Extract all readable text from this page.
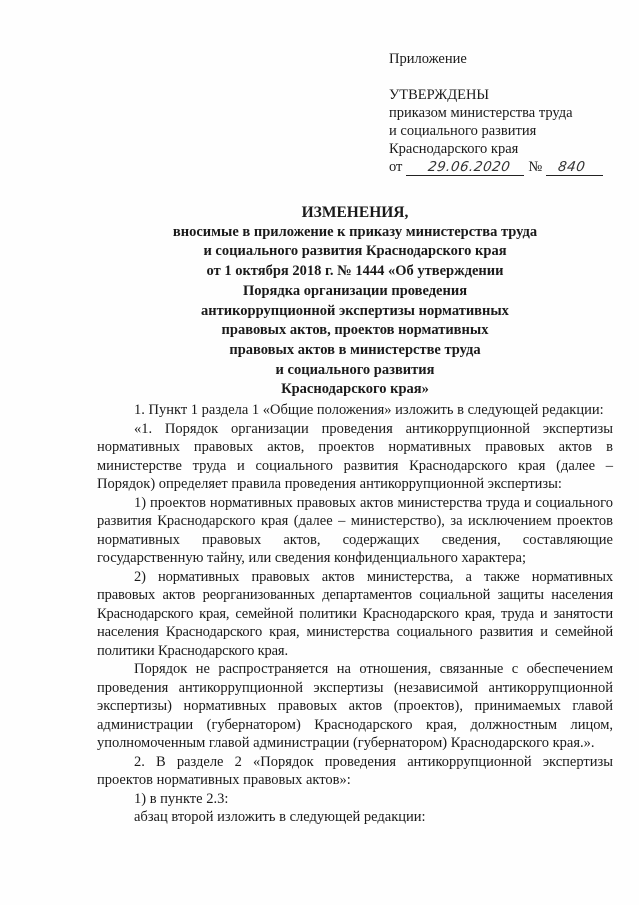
Приложение
УТВЕРЖДЕНЫ
приказом министерства труда
и социального развития
Краснодарского края
от 29.06.2020 № 840
ИЗМЕНЕНИЯ,
вносимые в приложение к приказу министерства труда
и социального развития Краснодарского края
от 1 октября 2018 г. № 1444 «Об утверждении
Порядка организации проведения
антикоррупционной экспертизы нормативных
правовых актов, проектов нормативных
правовых актов в министерстве труда
и социального развития
Краснодарского края»

1. Пункт 1 раздела 1 «Общие положения» изложить в следующей редакции:

«1. Порядок организации проведения антикоррупционной экспертизы нормативных правовых актов, проектов нормативных правовых актов в министерстве труда и социального развития Краснодарского края (далее – Порядок) определяет правила проведения антикоррупционной экспертизы:

1) проектов нормативных правовых актов министерства труда и социального развития Краснодарского края (далее – министерство), за исключением проектов нормативных правовых актов, содержащих сведения, составляющие государственную тайну, или сведения конфиденциального характера;

2) нормативных правовых актов министерства, а также нормативных правовых актов реорганизованных департаментов социальной защиты населения Краснодарского края, семейной политики Краснодарского края, труда и занятости населения Краснодарского края, министерства социального развития и семейной политики Краснодарского края.

Порядок не распространяется на отношения, связанные с обеспечением проведения антикоррупционной экспертизы (независимой антикоррупционной экспертизы) нормативных правовых актов (проектов), принимаемых главой администрации (губернатором) Краснодарского края, должностным лицом, уполномоченным главой администрации (губернатором) Краснодарского края.».

2. В разделе 2 «Порядок проведения антикоррупционной экспертизы проектов нормативных правовых актов»:

1) в пункте 2.3:

абзац второй изложить в следующей редакции:
